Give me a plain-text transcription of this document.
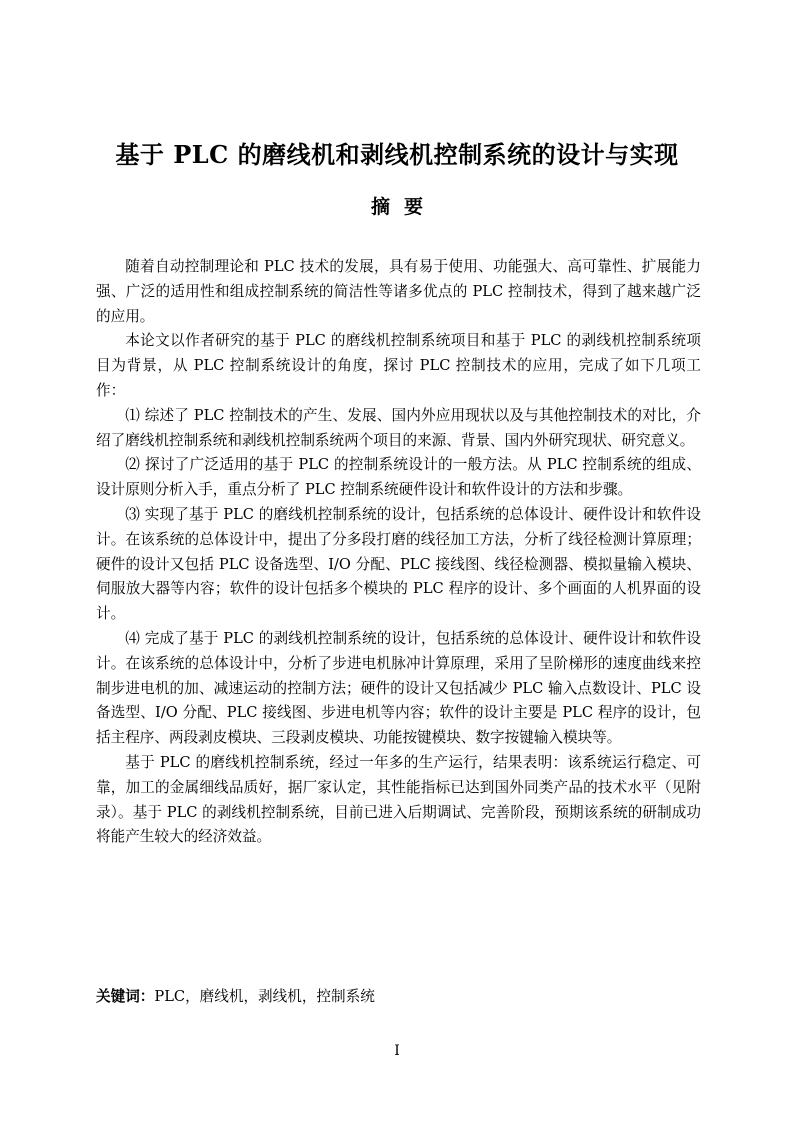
基于 PLC 的磨线机和剥线机控制系统的设计与实现
摘要

随着自动控制理论和 PLC 技术的发展，具有易于使用、功能强大、高可靠性、扩展能力强、广泛的适用性和组成控制系统的简洁性等诸多优点的 PLC 控制技术，得到了越来越广泛的应用。

本论文以作者研究的基于 PLC 的磨线机控制系统项目和基于 PLC 的剥线机控制系统项目为背景，从 PLC 控制系统设计的角度，探讨 PLC 控制技术的应用，完成了如下几项工作：

⑴ 综述了 PLC 控制技术的产生、发展、国内外应用现状以及与其他控制技术的对比，介绍了磨线机控制系统和剥线机控制系统两个项目的来源、背景、国内外研究现状、研究意义。

⑵ 探讨了广泛适用的基于 PLC 的控制系统设计的一般方法。从 PLC 控制系统的组成、设计原则分析入手，重点分析了 PLC 控制系统硬件设计和软件设计的方法和步骤。

⑶ 实现了基于 PLC 的磨线机控制系统的设计，包括系统的总体设计、硬件设计和软件设计。在该系统的总体设计中，提出了分多段打磨的线径加工方法，分析了线径检测计算原理；硬件的设计又包括 PLC 设备选型、I/O 分配、PLC 接线图、线径检测器、模拟量输入模块、伺服放大器等内容；软件的设计包括多个模块的 PLC 程序的设计、多个画面的人机界面的设计。

⑷ 完成了基于 PLC 的剥线机控制系统的设计，包括系统的总体设计、硬件设计和软件设计。在该系统的总体设计中，分析了步进电机脉冲计算原理，采用了呈阶梯形的速度曲线来控制步进电机的加、减速运动的控制方法；硬件的设计又包括减少 PLC 输入点数设计、PLC 设备选型、I/O 分配、PLC 接线图、步进电机等内容；软件的设计主要是 PLC 程序的设计，包括主程序、两段剥皮模块、三段剥皮模块、功能按键模块、数字按键输入模块等。

基于 PLC 的磨线机控制系统，经过一年多的生产运行，结果表明：该系统运行稳定、可靠，加工的金属细线品质好，据厂家认定，其性能指标已达到国外同类产品的技术水平（见附录）。基于 PLC 的剥线机控制系统，目前已进入后期调试、完善阶段，预期该系统的研制成功将能产生较大的经济效益。

关键词：PLC，磨线机，剥线机，控制系统
I
